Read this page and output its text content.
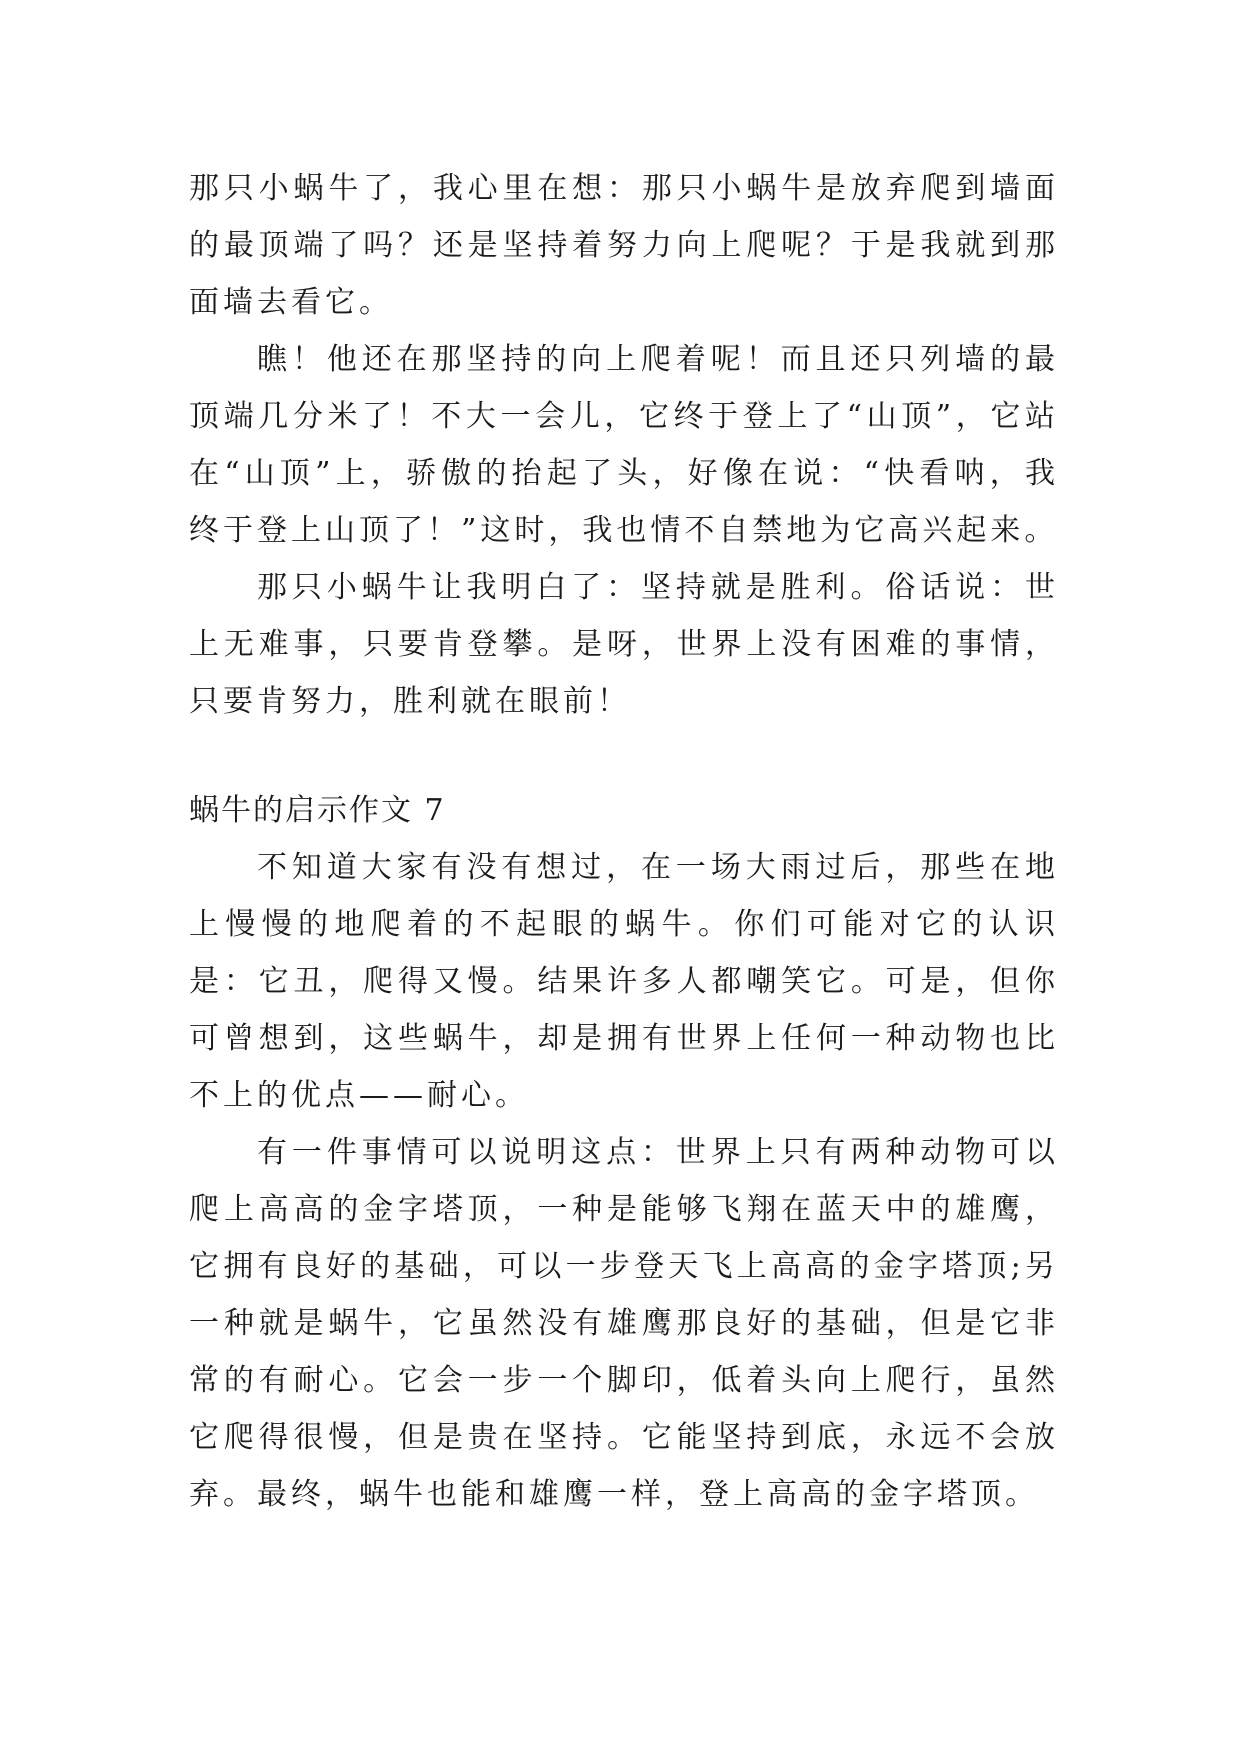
那只小蜗牛了，我心里在想：那只小蜗牛是放弃爬到墙面的最顶端了吗？还是坚持着努力向上爬呢？于是我就到那面墙去看它。

瞧！他还在那坚持的向上爬着呢！而且还只列墙的最顶端几分米了！不大一会儿，它终于登上了“山顶”，它站在“山顶”上，骄傲的抬起了头，好像在说：“快看呐，我终于登上山顶了！”这时，我也情不自禁地为它高兴起来。

那只小蜗牛让我明白了：坚持就是胜利。俗话说：世上无难事，只要肯登攀。是呀，世界上没有困难的事情，只要肯努力，胜利就在眼前！

蜗牛的启示作文 7

不知道大家有没有想过，在一场大雨过后，那些在地上慢慢的地爬着的不起眼的蜗牛。你们可能对它的认识是：它丑，爬得又慢。结果许多人都嘲笑它。可是，但你可曾想到，这些蜗牛，却是拥有世界上任何一种动物也比不上的优点——耐心。

有一件事情可以说明这点：世界上只有两种动物可以爬上高高的金字塔顶，一种是能够飞翔在蓝天中的雄鹰，它拥有良好的基础，可以一步登天飞上高高的金字塔顶;另一种就是蜗牛，它虽然没有雄鹰那良好的基础，但是它非常的有耐心。它会一步一个脚印，低着头向上爬行，虽然它爬得很慢，但是贵在坚持。它能坚持到底，永远不会放弃。最终，蜗牛也能和雄鹰一样，登上高高的金字塔顶。
